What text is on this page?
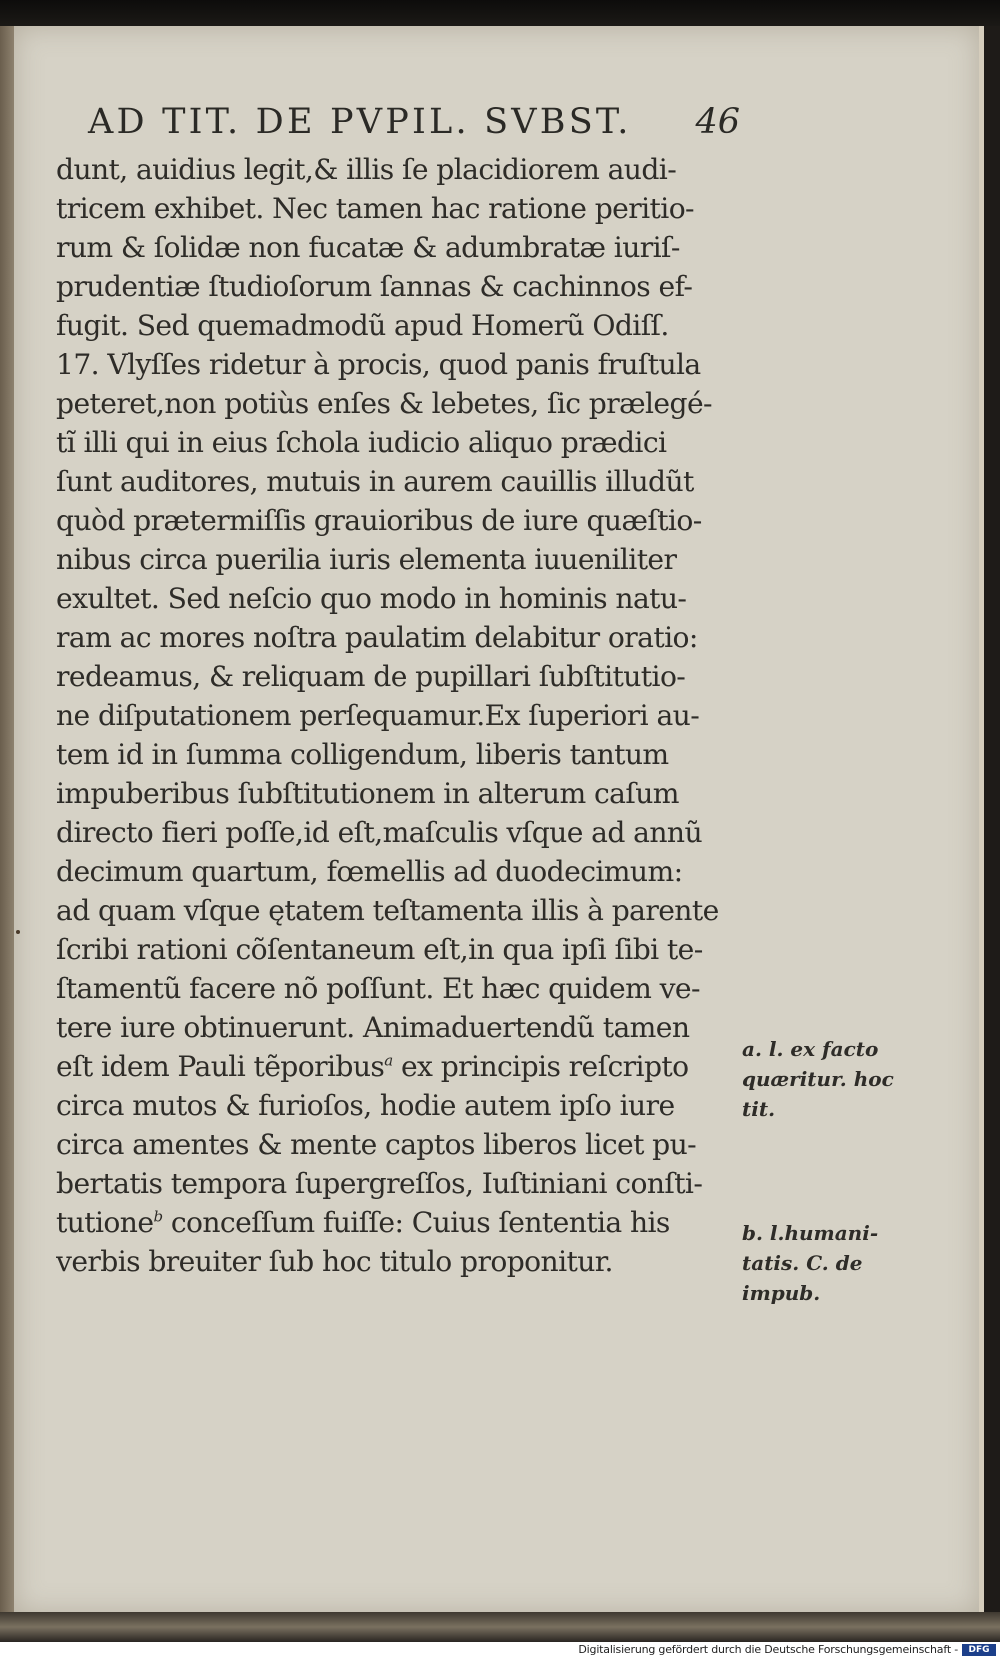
AD TIT. DE PVPIL. SVBST. 46
dunt, auidius legit,& illis ſe placidiorem audi-
tricem exhibet. Nec tamen hac ratione peritio-
rum & ſolidæ non fucatæ & adumbratæ iuriſ-
prudentiæ ſtudioſorum ſannas & cachinnos ef-
fugit. Sed quemadmodũ apud Homerũ Odiſſ.
17. Vlyſſes ridetur à procis, quod panis fruſtula
peteret,non potiùs enſes & lebetes, ſic prælegé-
tĩ illi qui in eius ſchola iudicio aliquo prædici
ſunt auditores, mutuis in aurem cauillis illudũt
quòd prætermiſſis grauioribus de iure quæſtio-
nibus circa puerilia iuris elementa iuueniliter
exultet. Sed neſcio quo modo in hominis natu-
ram ac mores noſtra paulatim delabitur oratio:
redeamus, & reliquam de pupillari ſubſtitutio-
ne diſputationem perſequamur.Ex ſuperiori au-
tem id in ſumma colligendum, liberis tantum
impuberibus ſubſtitutionem in alterum caſum
directo fieri poſſe,id eſt,maſculis vſque ad annũ
decimum quartum, fœmellis ad duodecimum:
ad quam vſque ętatem teſtamenta illis à parente
ſcribi rationi cõſentaneum eſt,in qua ipſi ſibi te-
ſtamentũ facere nõ poſſunt. Et hæc quidem ve-
tere iure obtinuerunt. Animaduertendũ tamen
eſt idem Pauli tẽporibus$^a$ ex principis reſcripto
circa mutos & furioſos, hodie autem ipſo iure
circa amentes & mente captos liberos licet pu-
bertatis tempora ſupergreſſos, Iuſtiniani conſti-
tutione$^b$ conceſſum fuiſſe: Cuius ſententia his
verbis breuiter ſub hoc titulo proponitur.
a. l. ex facto
quæritur. hoc
tit.
b. l.humani-
tatis. C. de
impub.
Digitalisierung gefördert durch die Deutsche Forschungsgemeinschaft -	DFG
